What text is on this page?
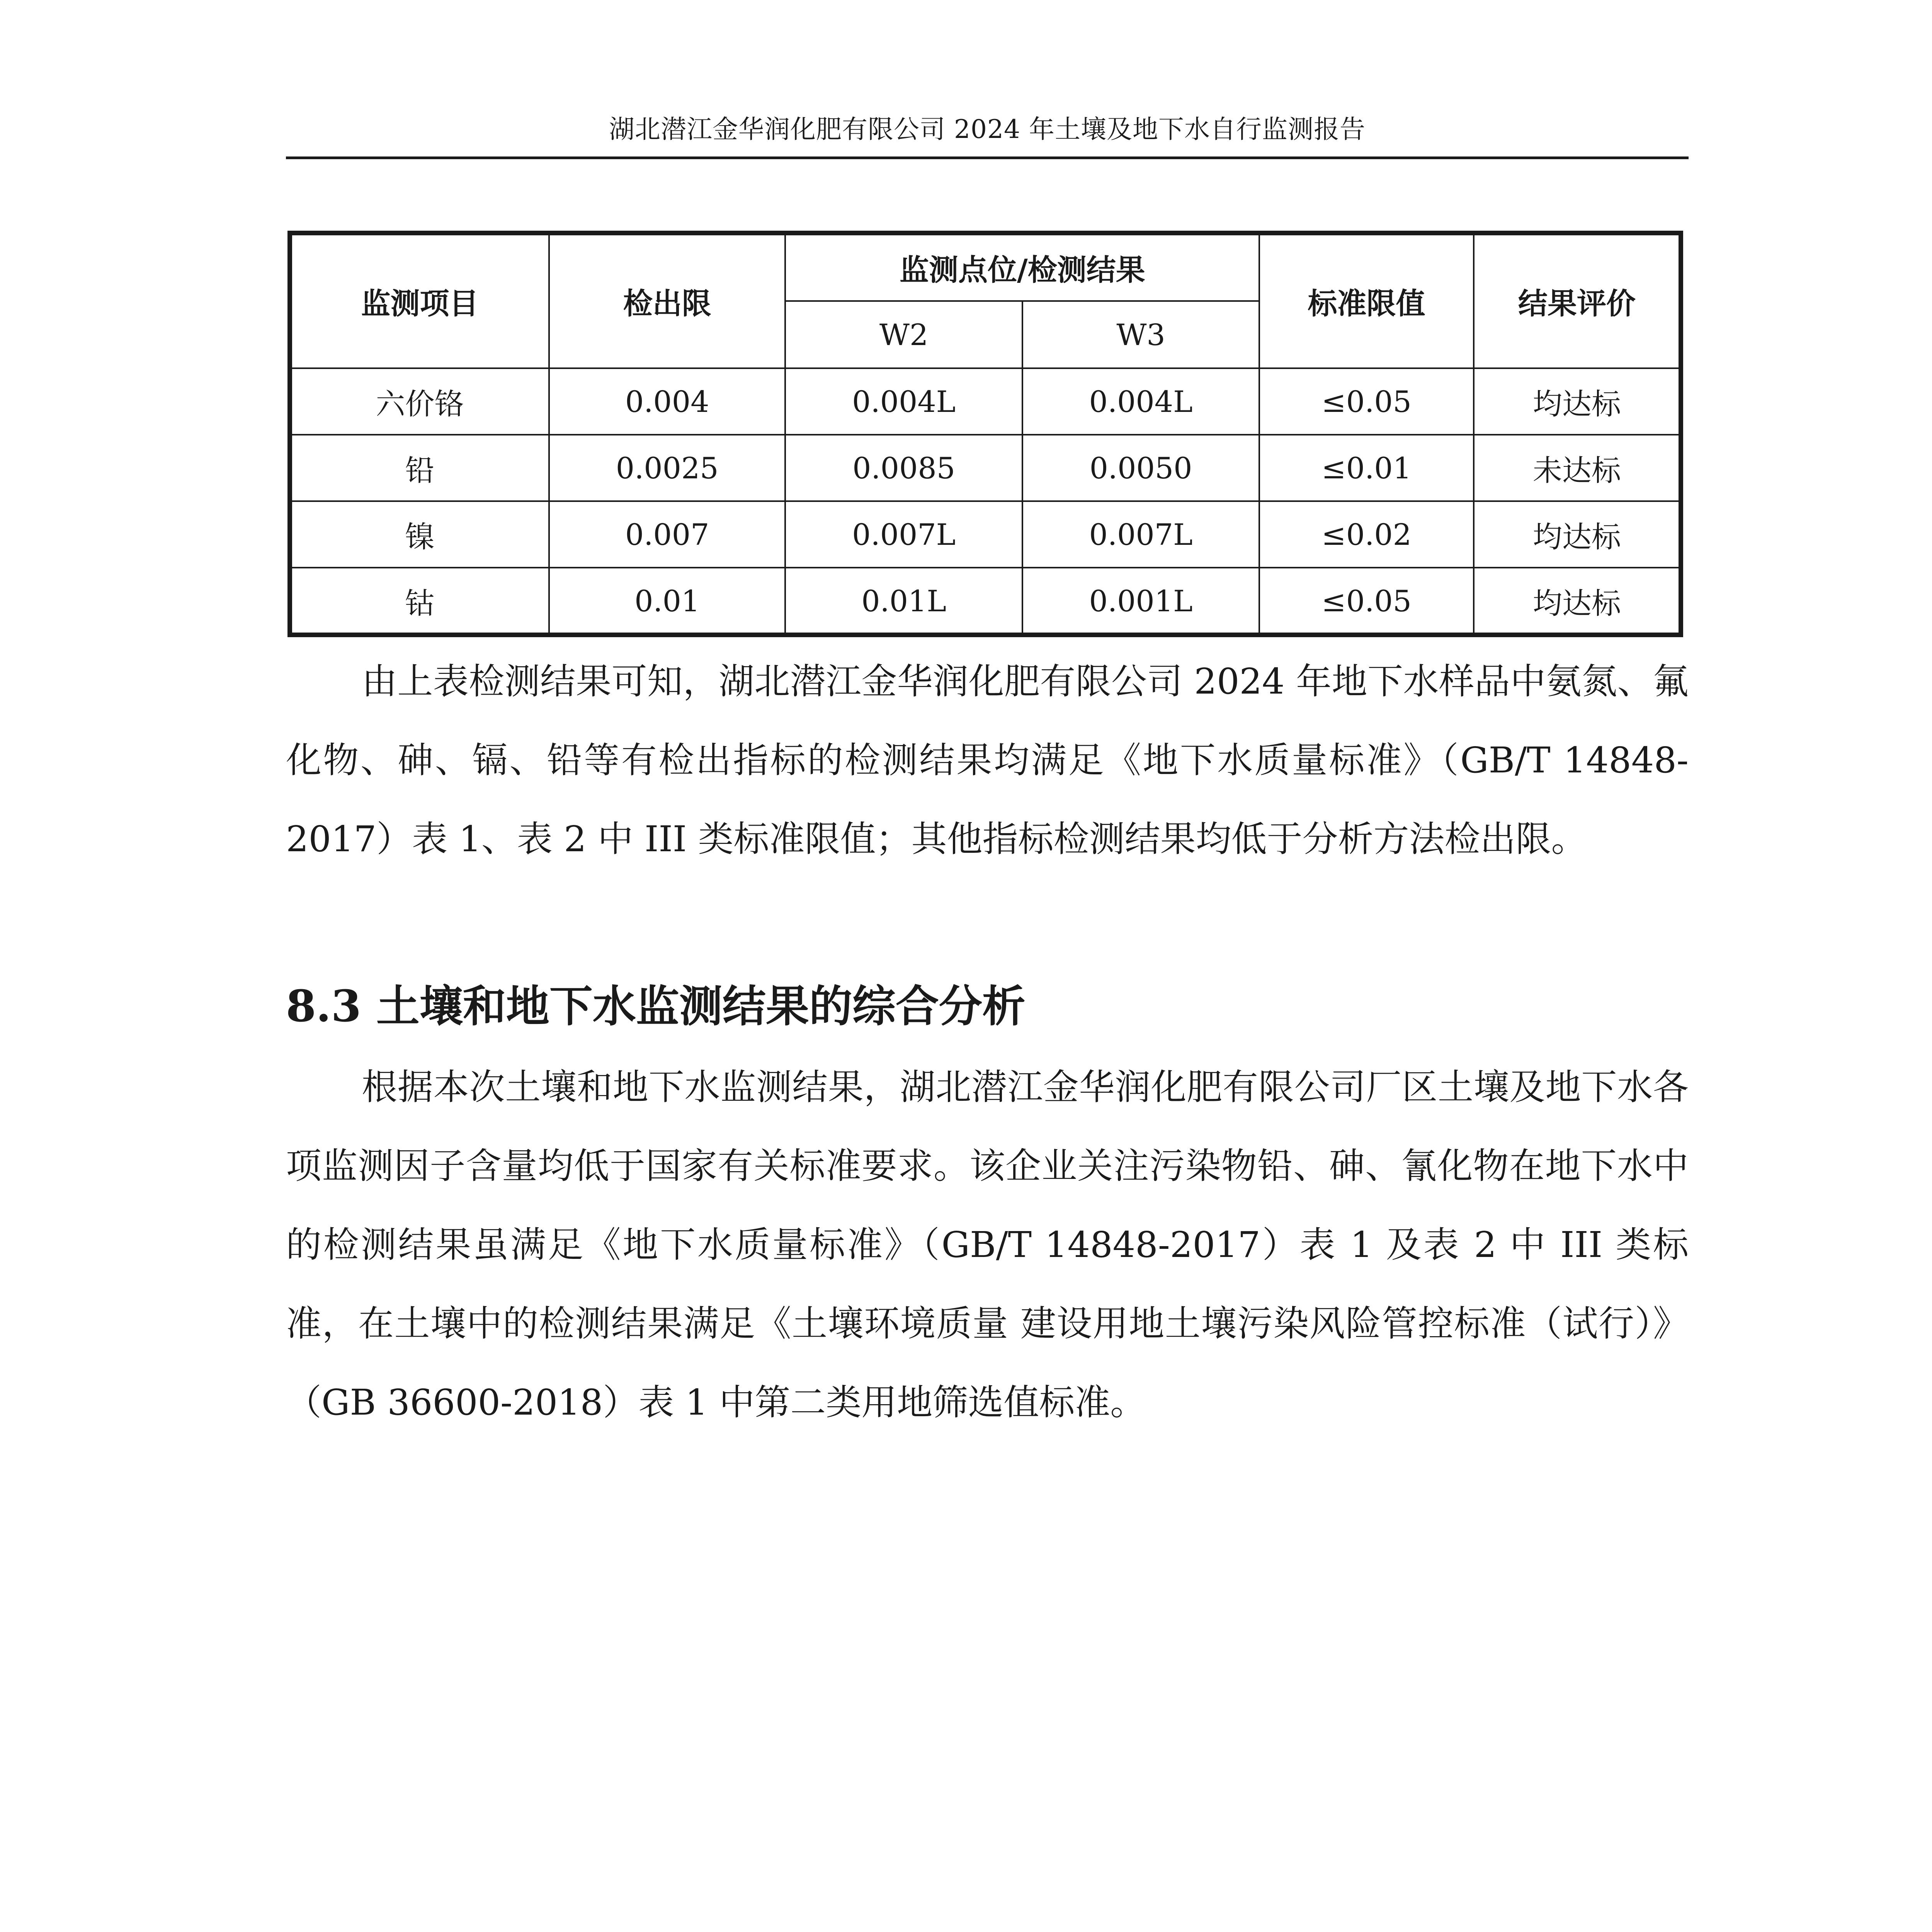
湖北潜江金华润化肥有限公司 2024 年土壤及地下水自行监测报告
监测项目	检出限	监测点位/检测结果		标准限值	结果评价
		W2	W3		
六价铬	0.004	0.004L	0.004L	≤0.05	均达标
铅	0.0025	0.0085	0.0050	≤0.01	未达标
镍	0.007	0.007L	0.007L	≤0.02	均达标
钴	0.01	0.01L	0.001L	≤0.05	均达标

由上表检测结果可知，湖北潜江金华润化肥有限公司 2024 年地下水样品中氨氮、氟化物、砷、镉、铅等有检出指标的检测结果均满足《地下水质量标准》（GB/T 14848-2017）表 1、表 2 中 III 类标准限值；其他指标检测结果均低于分析方法检出限。

8.3 土壤和地下水监测结果的综合分析

根据本次土壤和地下水监测结果，湖北潜江金华润化肥有限公司厂区土壤及地下水各项监测因子含量均低于国家有关标准要求。该企业关注污染物铅、砷、氰化物在地下水中的检测结果虽满足《地下水质量标准》（GB/T 14848-2017）表 1 及表 2 中 III 类标准，在土壤中的检测结果满足《土壤环境质量 建设用地土壤污染风险管控标准（试行）》（GB 36600-2018）表 1 中第二类用地筛选值标准。
